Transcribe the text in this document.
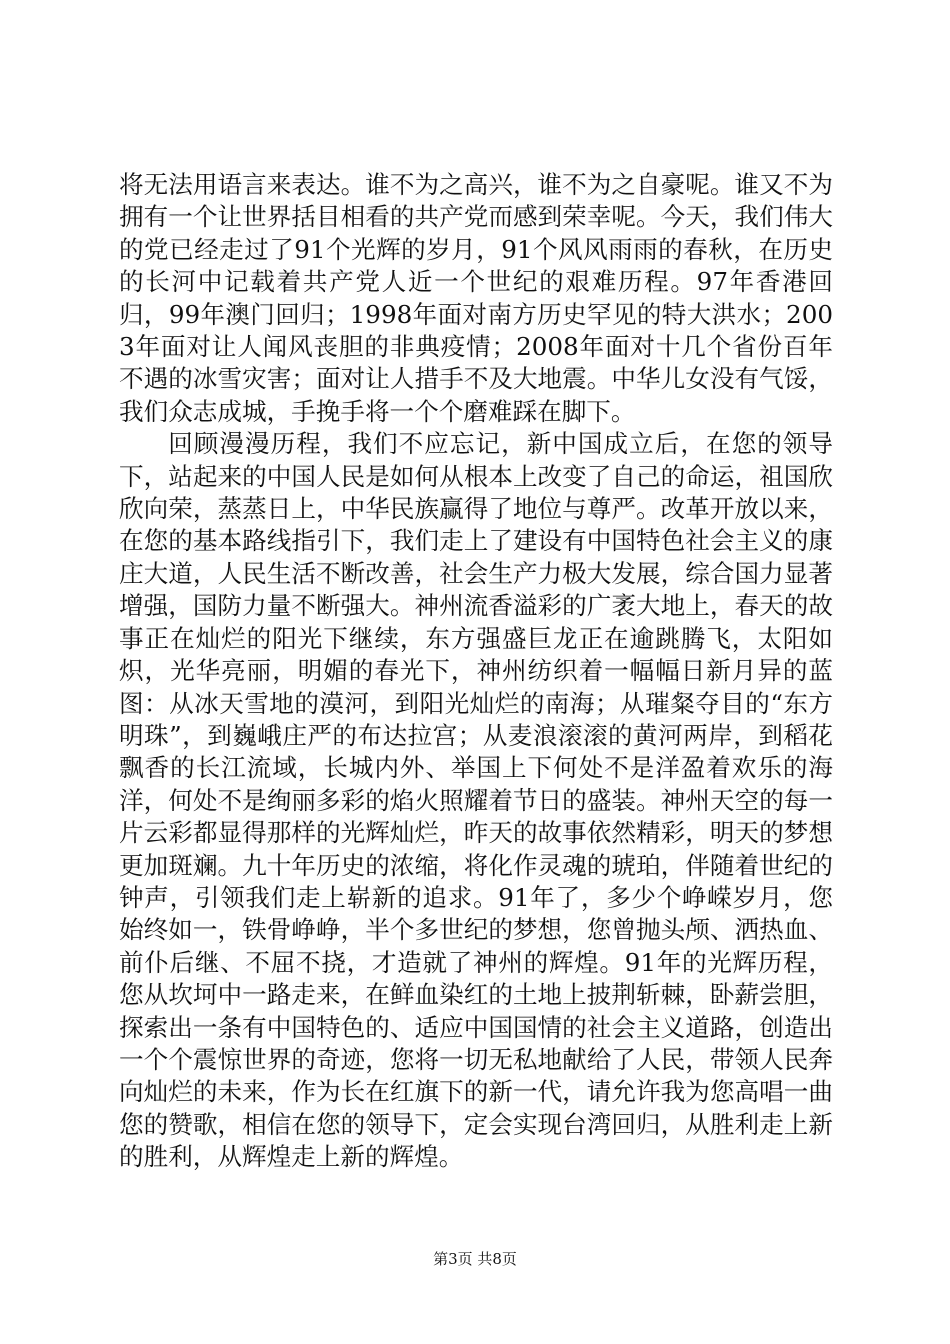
将无法用语言来表达。谁不为之高兴，谁不为之自豪呢。谁又不为拥有一个让世界括目相看的共产党而感到荣幸呢。今天，我们伟大的党已经走过了91个光辉的岁月，91个风风雨雨的春秋，在历史的长河中记载着共产党人近一个世纪的艰难历程。97年香港回归，99年澳门回归；1998年面对南方历史罕见的特大洪水；2003年面对让人闻风丧胆的非典疫情；2008年面对十几个省份百年不遇的冰雪灾害；面对让人措手不及大地震。中华儿女没有气馁，我们众志成城，手挽手将一个个磨难踩在脚下。

回顾漫漫历程，我们不应忘记，新中国成立后，在您的领导下，站起来的中国人民是如何从根本上改变了自己的命运，祖国欣欣向荣，蒸蒸日上，中华民族赢得了地位与尊严。改革开放以来，在您的基本路线指引下，我们走上了建设有中国特色社会主义的康庄大道，人民生活不断改善，社会生产力极大发展，综合国力显著增强，国防力量不断强大。神州流香溢彩的广袤大地上，春天的故事正在灿烂的阳光下继续，东方强盛巨龙正在逾跳腾飞，太阳如炽，光华亮丽，明媚的春光下，神州纺织着一幅幅日新月异的蓝图：从冰天雪地的漠河，到阳光灿烂的南海；从璀粲夺目的“东方明珠”，到巍峨庄严的布达拉宫；从麦浪滚滚的黄河两岸，到稻花飘香的长江流域，长城内外、举国上下何处不是洋盈着欢乐的海洋，何处不是绚丽多彩的焰火照耀着节日的盛装。神州天空的每一片云彩都显得那样的光辉灿烂，昨天的故事依然精彩，明天的梦想更加斑斓。九十年历史的浓缩，将化作灵魂的琥珀，伴随着世纪的钟声，引领我们走上崭新的追求。91年了，多少个峥嵘岁月，您始终如一，铁骨峥峥，半个多世纪的梦想，您曾抛头颅、洒热血、前仆后继、不屈不挠，才造就了神州的辉煌。91年的光辉历程，您从坎坷中一路走来，在鲜血染红的土地上披荆斩棘，卧薪尝胆，探索出一条有中国特色的、适应中国国情的社会主义道路，创造出一个个震惊世界的奇迹，您将一切无私地献给了人民，带领人民奔向灿烂的未来，作为长在红旗下的新一代，请允许我为您高唱一曲您的赞歌，相信在您的领导下，定会实现台湾回归，从胜利走上新的胜利，从辉煌走上新的辉煌。

第3页 共8页
